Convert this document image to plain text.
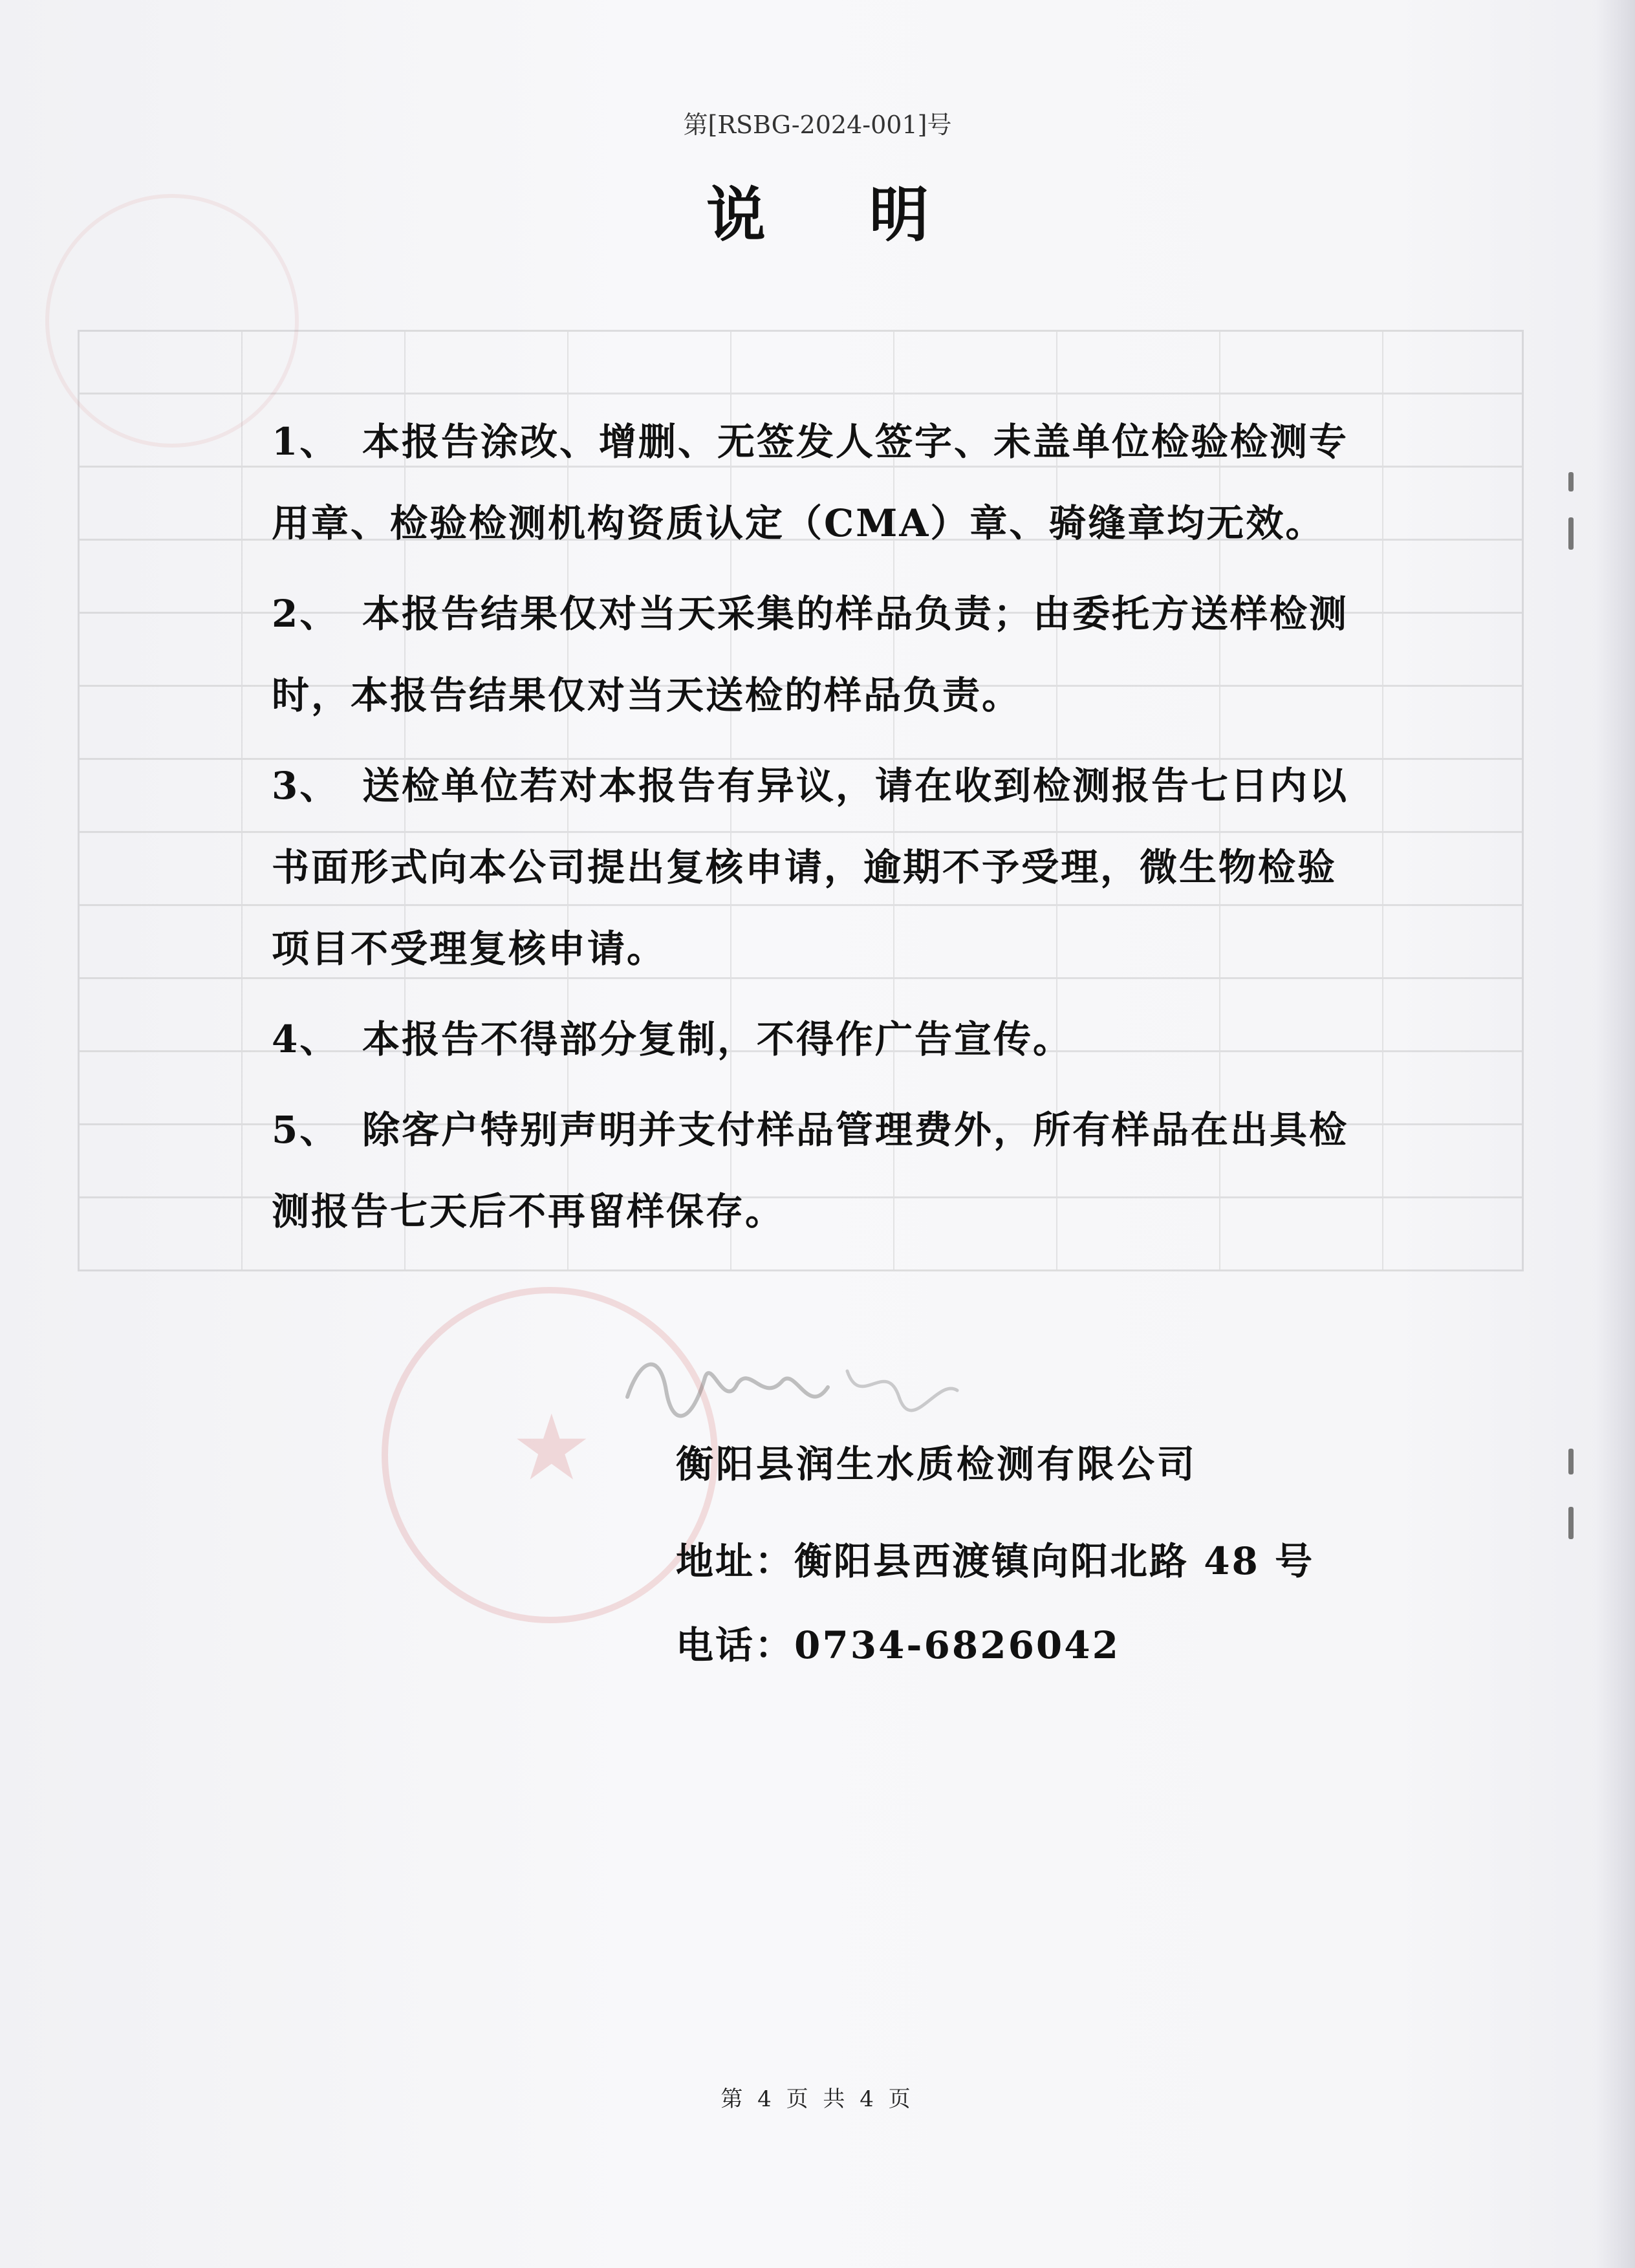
★
第[RSBG-2024-001]号
说明
1、 本报告涂改、增删、无签发人签字、未盖单位检验检测专用章、检验检测机构资质认定（CMA）章、骑缝章均无效。
2、 本报告结果仅对当天采集的样品负责；由委托方送样检测时，本报告结果仅对当天送检的样品负责。
3、 送检单位若对本报告有异议，请在收到检测报告七日内以书面形式向本公司提出复核申请，逾期不予受理，微生物检验项目不受理复核申请。
4、 本报告不得部分复制，不得作广告宣传。
5、 除客户特别声明并支付样品管理费外，所有样品在出具检测报告七天后不再留样保存。
衡阳县润生水质检测有限公司
地址：衡阳县西渡镇向阳北路 48 号
电话：0734-6826042
第 4 页 共 4 页
